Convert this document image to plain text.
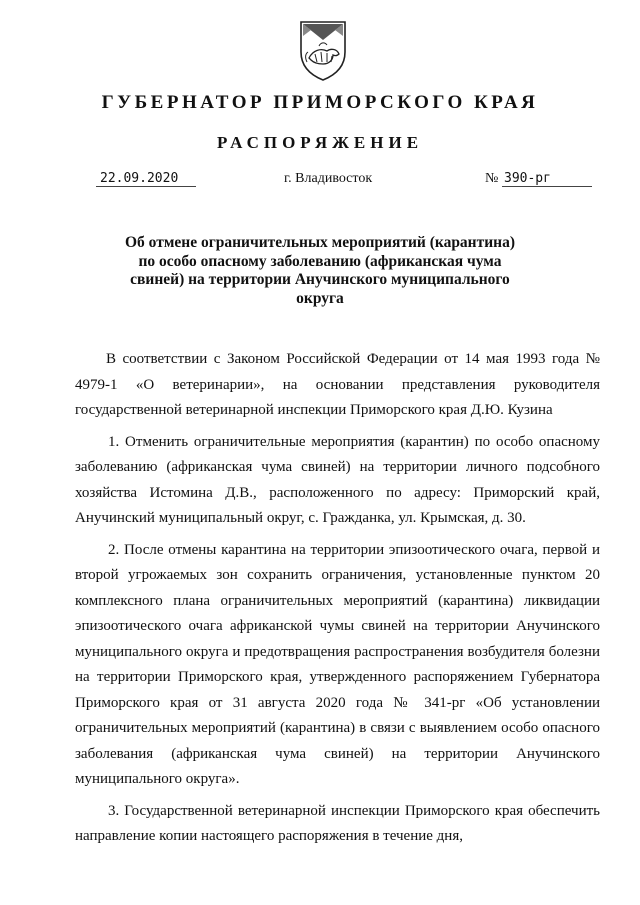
ГУБЕРНАТОР ПРИМОРСКОГО КРАЯ
РАСПОРЯЖЕНИЕ
22.09.2020	г. Владивосток	№ 390-рг

Об отмене ограничительных мероприятий (карантина) по особо опасному заболеванию (африканская чума свиней) на территории Анучинского муниципального округа

В соответствии с Законом Российской Федерации от 14 мая 1993 года № 4979-1 «О ветеринарии», на основании представления руководителя государственной ветеринарной инспекции Приморского края Д.Ю. Кузина

1. Отменить ограничительные мероприятия (карантин) по особо опасному заболеванию (африканская чума свиней) на территории личного подсобного хозяйства Истомина Д.В., расположенного по адресу: Приморский край, Анучинский муниципальный округ, с. Гражданка, ул. Крымская, д. 30.

2. После отмены карантина на территории эпизоотического очага, первой и второй угрожаемых зон сохранить ограничения, установленные пунктом 20 комплексного плана ограничительных мероприятий (карантина) ликвидации эпизоотического очага африканской чумы свиней на территории Анучинского муниципального округа и предотвращения распространения возбудителя болезни на территории Приморского края, утвержденного распоряжением Губернатора Приморского края от 31 августа 2020 года № 341-рг «Об установлении ограничительных мероприятий (карантина) в связи с выявлением особо опасного заболевания (африканская чума свиней) на территории Анучинского муниципального округа».

3. Государственной ветеринарной инспекции Приморского края обеспечить направление копии настоящего распоряжения в течение дня,
